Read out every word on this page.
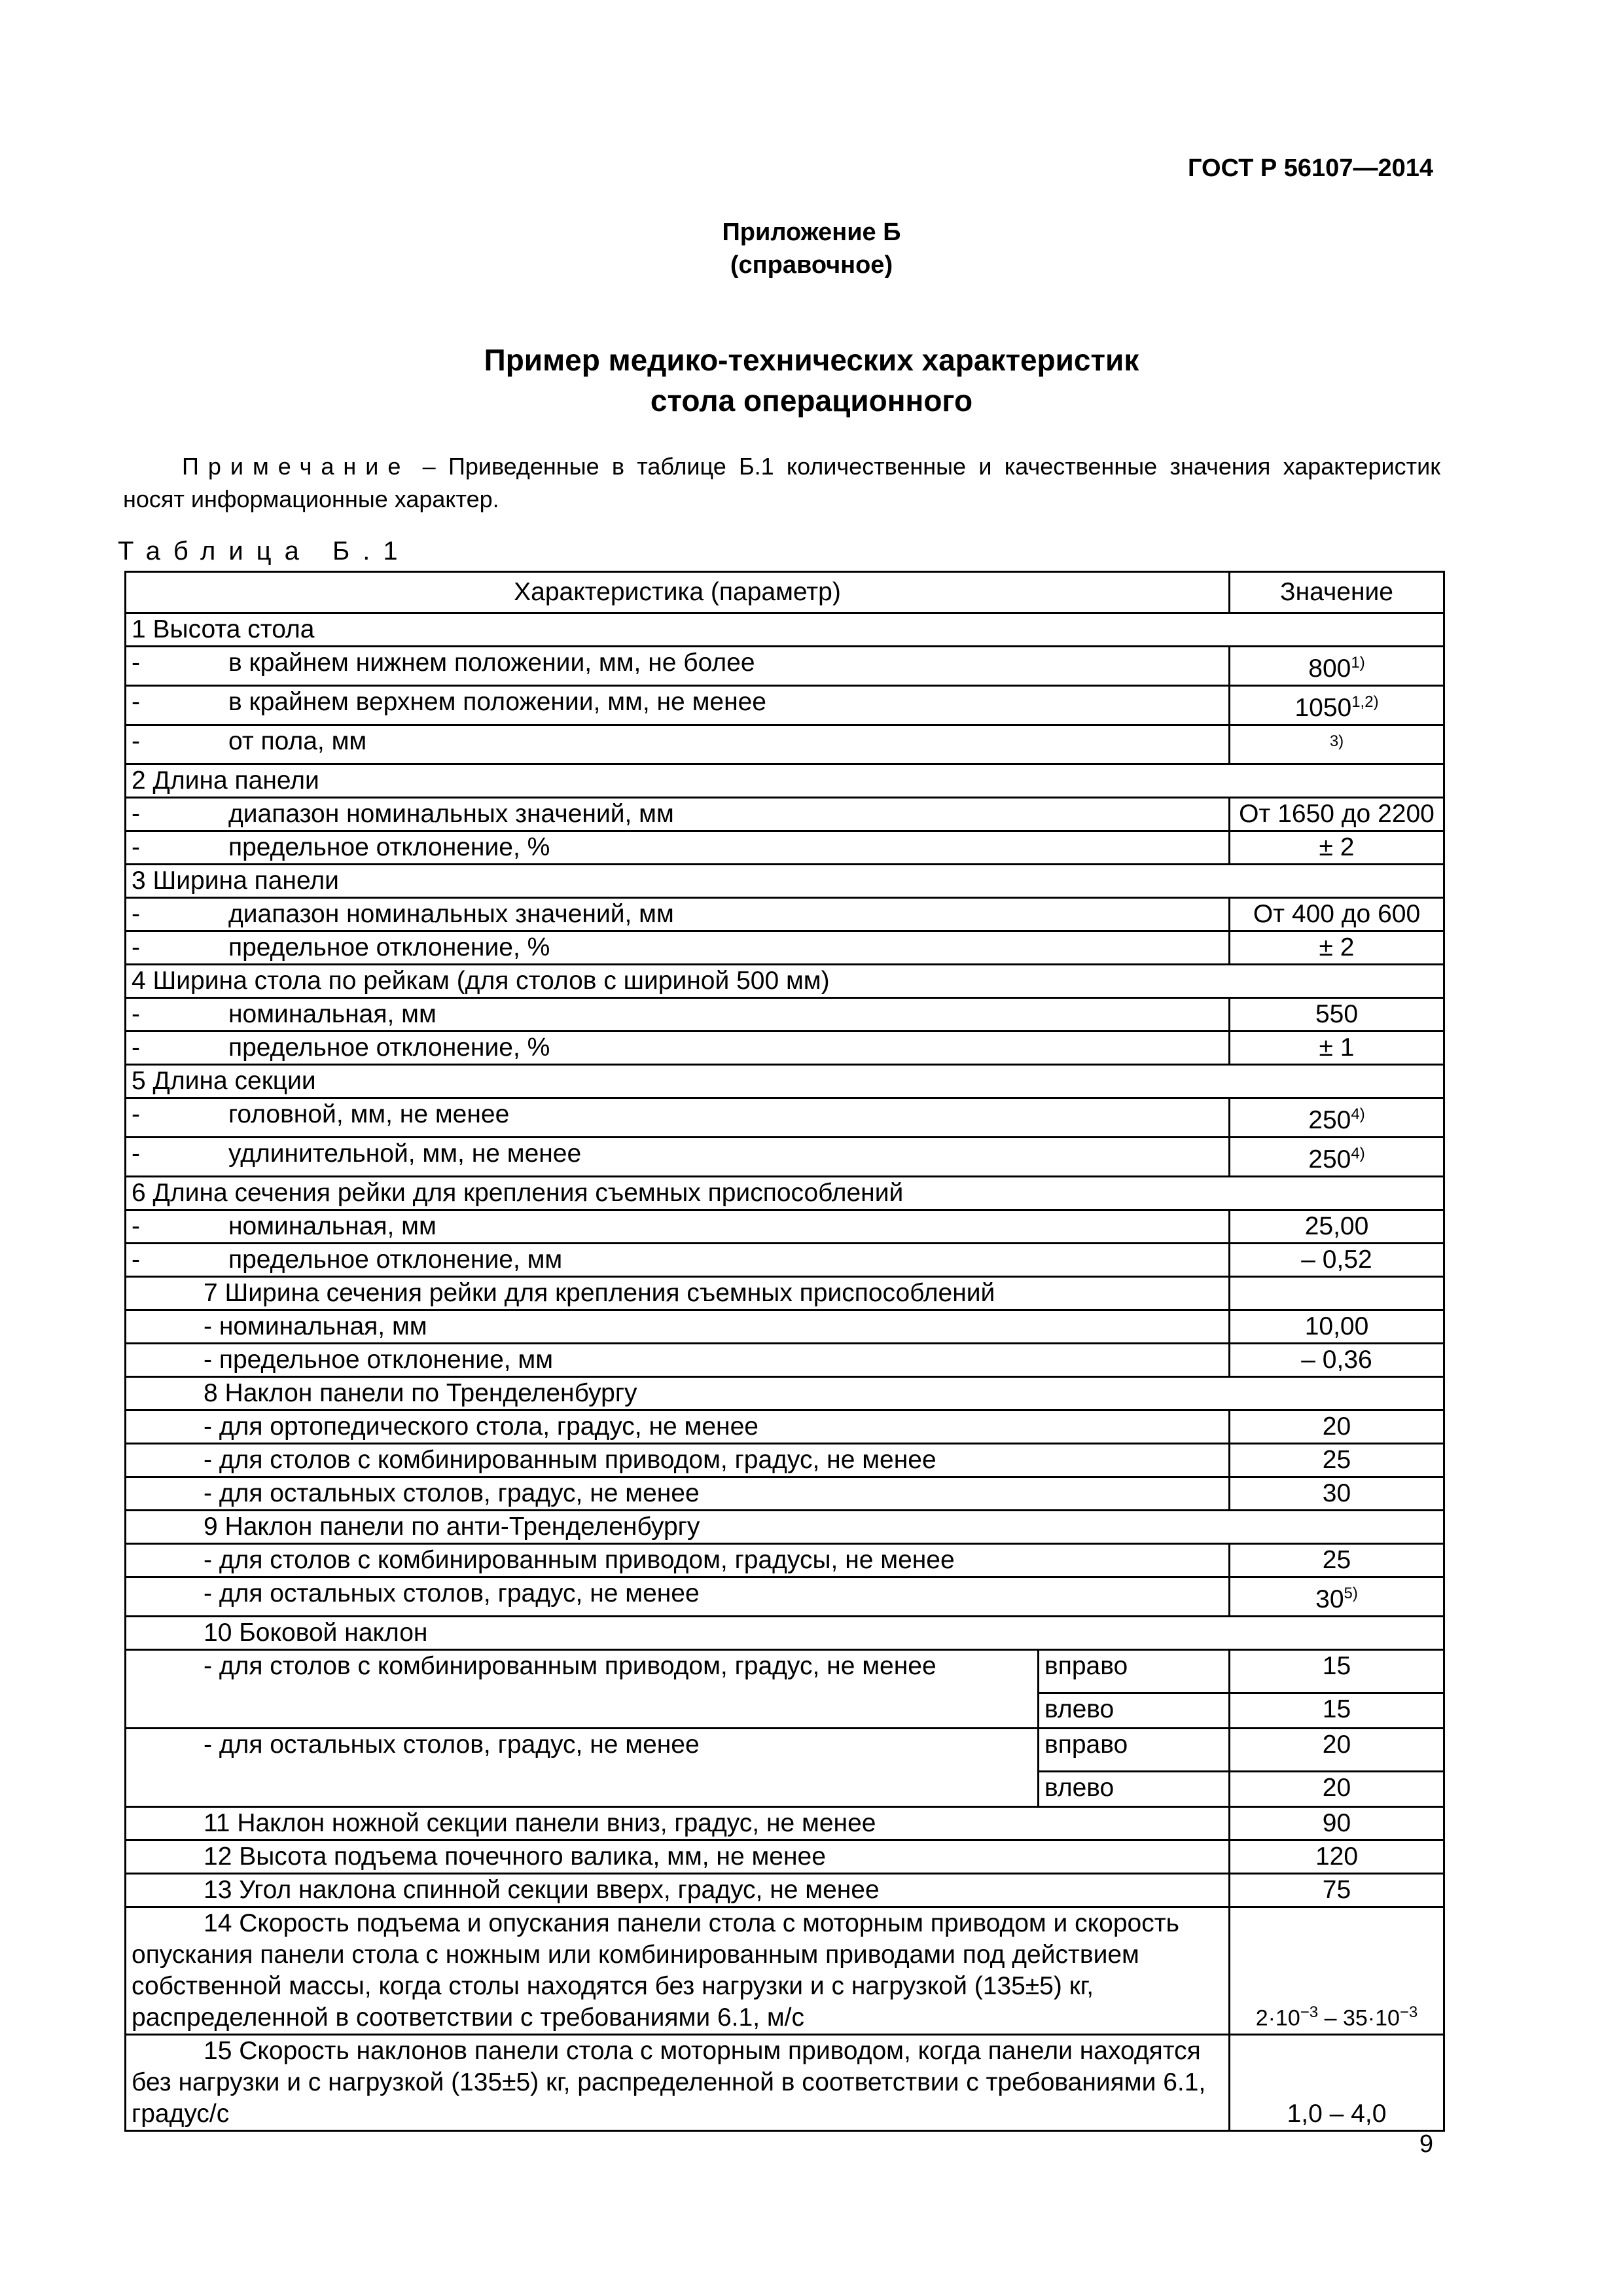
ГОСТ Р 56107—2014
Приложение Б
(справочное)
Пример медико-технических характеристик
стола операционного
Примечание – Приведенные в таблице Б.1 количественные и качественные значения характеристик носят информационные характер.
Таблица Б.1
Характеристика (параметр)		Значение
1 Высота стола		
- в крайнем нижнем положении, мм, не более		800$^{1)}$
- в крайнем верхнем положении, мм, не менее		1050$^{1,2)}$
- от пола, мм		$^{3)}$
2 Длина панели		
- диапазон номинальных значений, мм		От 1650 до 2200
- предельное отклонение, %		± 2
3 Ширина панели		
- диапазон номинальных значений, мм		От 400 до 600
- предельное отклонение, %		± 2
4 Ширина стола по рейкам (для столов с шириной 500 мм)		
- номинальная, мм		550
- предельное отклонение, %		± 1
5 Длина секции		
- головной, мм, не менее		250$^{4)}$
- удлинительной, мм, не менее		250$^{4)}$
6 Длина сечения рейки для крепления съемных приспособлений		
- номинальная, мм		25,00
- предельное отклонение, мм		– 0,52
7 Ширина сечения рейки для крепления съемных приспособлений		
- номинальная, мм		10,00
- предельное отклонение, мм		– 0,36
8 Наклон панели по Тренделенбургу		
- для ортопедического стола, градус, не менее		20
- для столов с комбинированным приводом, градус, не менее		25
- для остальных столов, градус, не менее		30
9 Наклон панели по анти-Тренделенбургу		
- для столов с комбинированным приводом, градусы, не менее		25
- для остальных столов, градус, не менее		30$^{5)}$
10 Боковой наклон		
- для столов с комбинированным приводом, градус, не менее	вправо	15
	влево	15
- для остальных столов, градус, не менее	вправо	20
	влево	20
11 Наклон ножной секции панели вниз, градус, не менее		90
12 Высота подъема почечного валика, мм, не менее		120
13 Угол наклона спинной секции вверх, градус, не менее		75
14 Скорость подъема и опускания панели стола с моторным приводом и скорость опускания панели стола с ножным или комбинированным приводами под действием собственной массы, когда столы находятся без нагрузки и с нагрузкой (135±5) кг, распределенной в соответствии с требованиями 6.1, м/с		$2\cdot 10^{-3} - 35\cdot 10^{-3}$
15 Скорость наклонов панели стола с моторным приводом, когда панели находятся без нагрузки и с нагрузкой (135±5) кг, распределенной в соответствии с требованиями 6.1, градус/с		1,0 – 4,0
9
